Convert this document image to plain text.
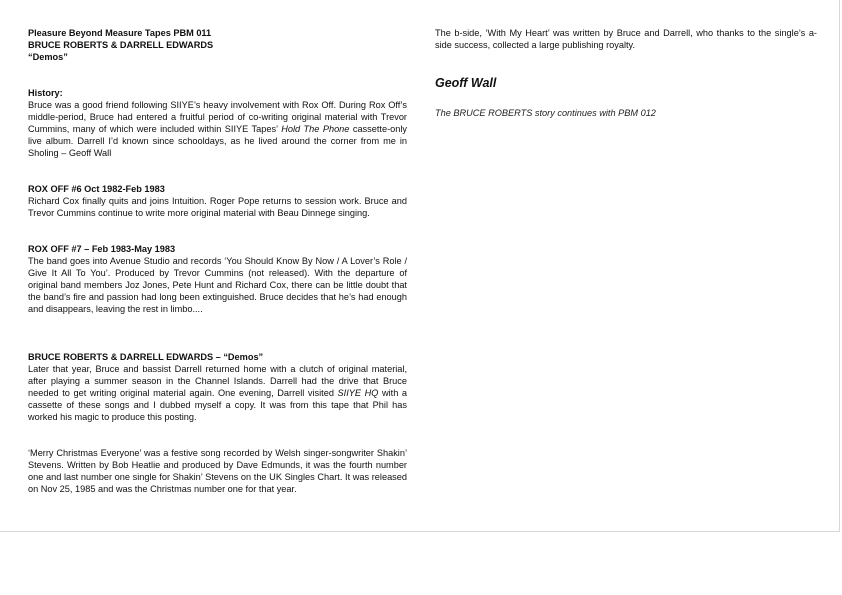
Pleasure Beyond Measure Tapes PBM 011

BRUCE ROBERTS & DARRELL EDWARDS

“Demos”

History:

Bruce was a good friend following SIIYE’s heavy involvement with Rox Off. During Rox Off’s middle-period, Bruce had entered a fruitful period of co-writing original material with Trevor Cummins, many of which were included within SIIYE Tapes’ Hold The Phone cassette-only live album. Darrell I’d known since schooldays, as he lived around the corner from me in Sholing – Geoff Wall

ROX OFF #6 Oct 1982-Feb 1983

Richard Cox finally quits and joins Intuition. Roger Pope returns to session work. Bruce and Trevor Cummins continue to write more original material with Beau Dinnege singing.

ROX OFF #7 – Feb 1983-May 1983

The band goes into Avenue Studio and records ‘You Should Know By Now / A Lover’s Role / Give It All To You’. Produced by Trevor Cummins (not released). With the departure of original band members Joz Jones, Pete Hunt and Richard Cox, there can be little doubt that the band’s fire and passion had long been extinguished. Bruce decides that he’s had enough and disappears, leaving the rest in limbo....

BRUCE ROBERTS & DARRELL EDWARDS – “Demos”

Later that year, Bruce and bassist Darrell returned home with a clutch of original material, after playing a summer season in the Channel Islands. Darrell had the drive that Bruce needed to get writing original material again. One evening, Darrell visited SIIYE HQ with a cassette of these songs and I dubbed myself a copy. It was from this tape that Phil has worked his magic to produce this posting.

‘Merry Christmas Everyone’ was a festive song recorded by Welsh singer-songwriter Shakin’ Stevens. Written by Bob Heatlie and produced by Dave Edmunds, it was the fourth number one and last number one single for Shakin’ Stevens on the UK Singles Chart. It was released on Nov 25, 1985 and was the Christmas number one for that year.

The b-side, ‘With My Heart’ was written by Bruce and Darrell, who thanks to the single’s a-side success, collected a large publishing royalty.

Geoff Wall

The BRUCE ROBERTS story continues with PBM 012
